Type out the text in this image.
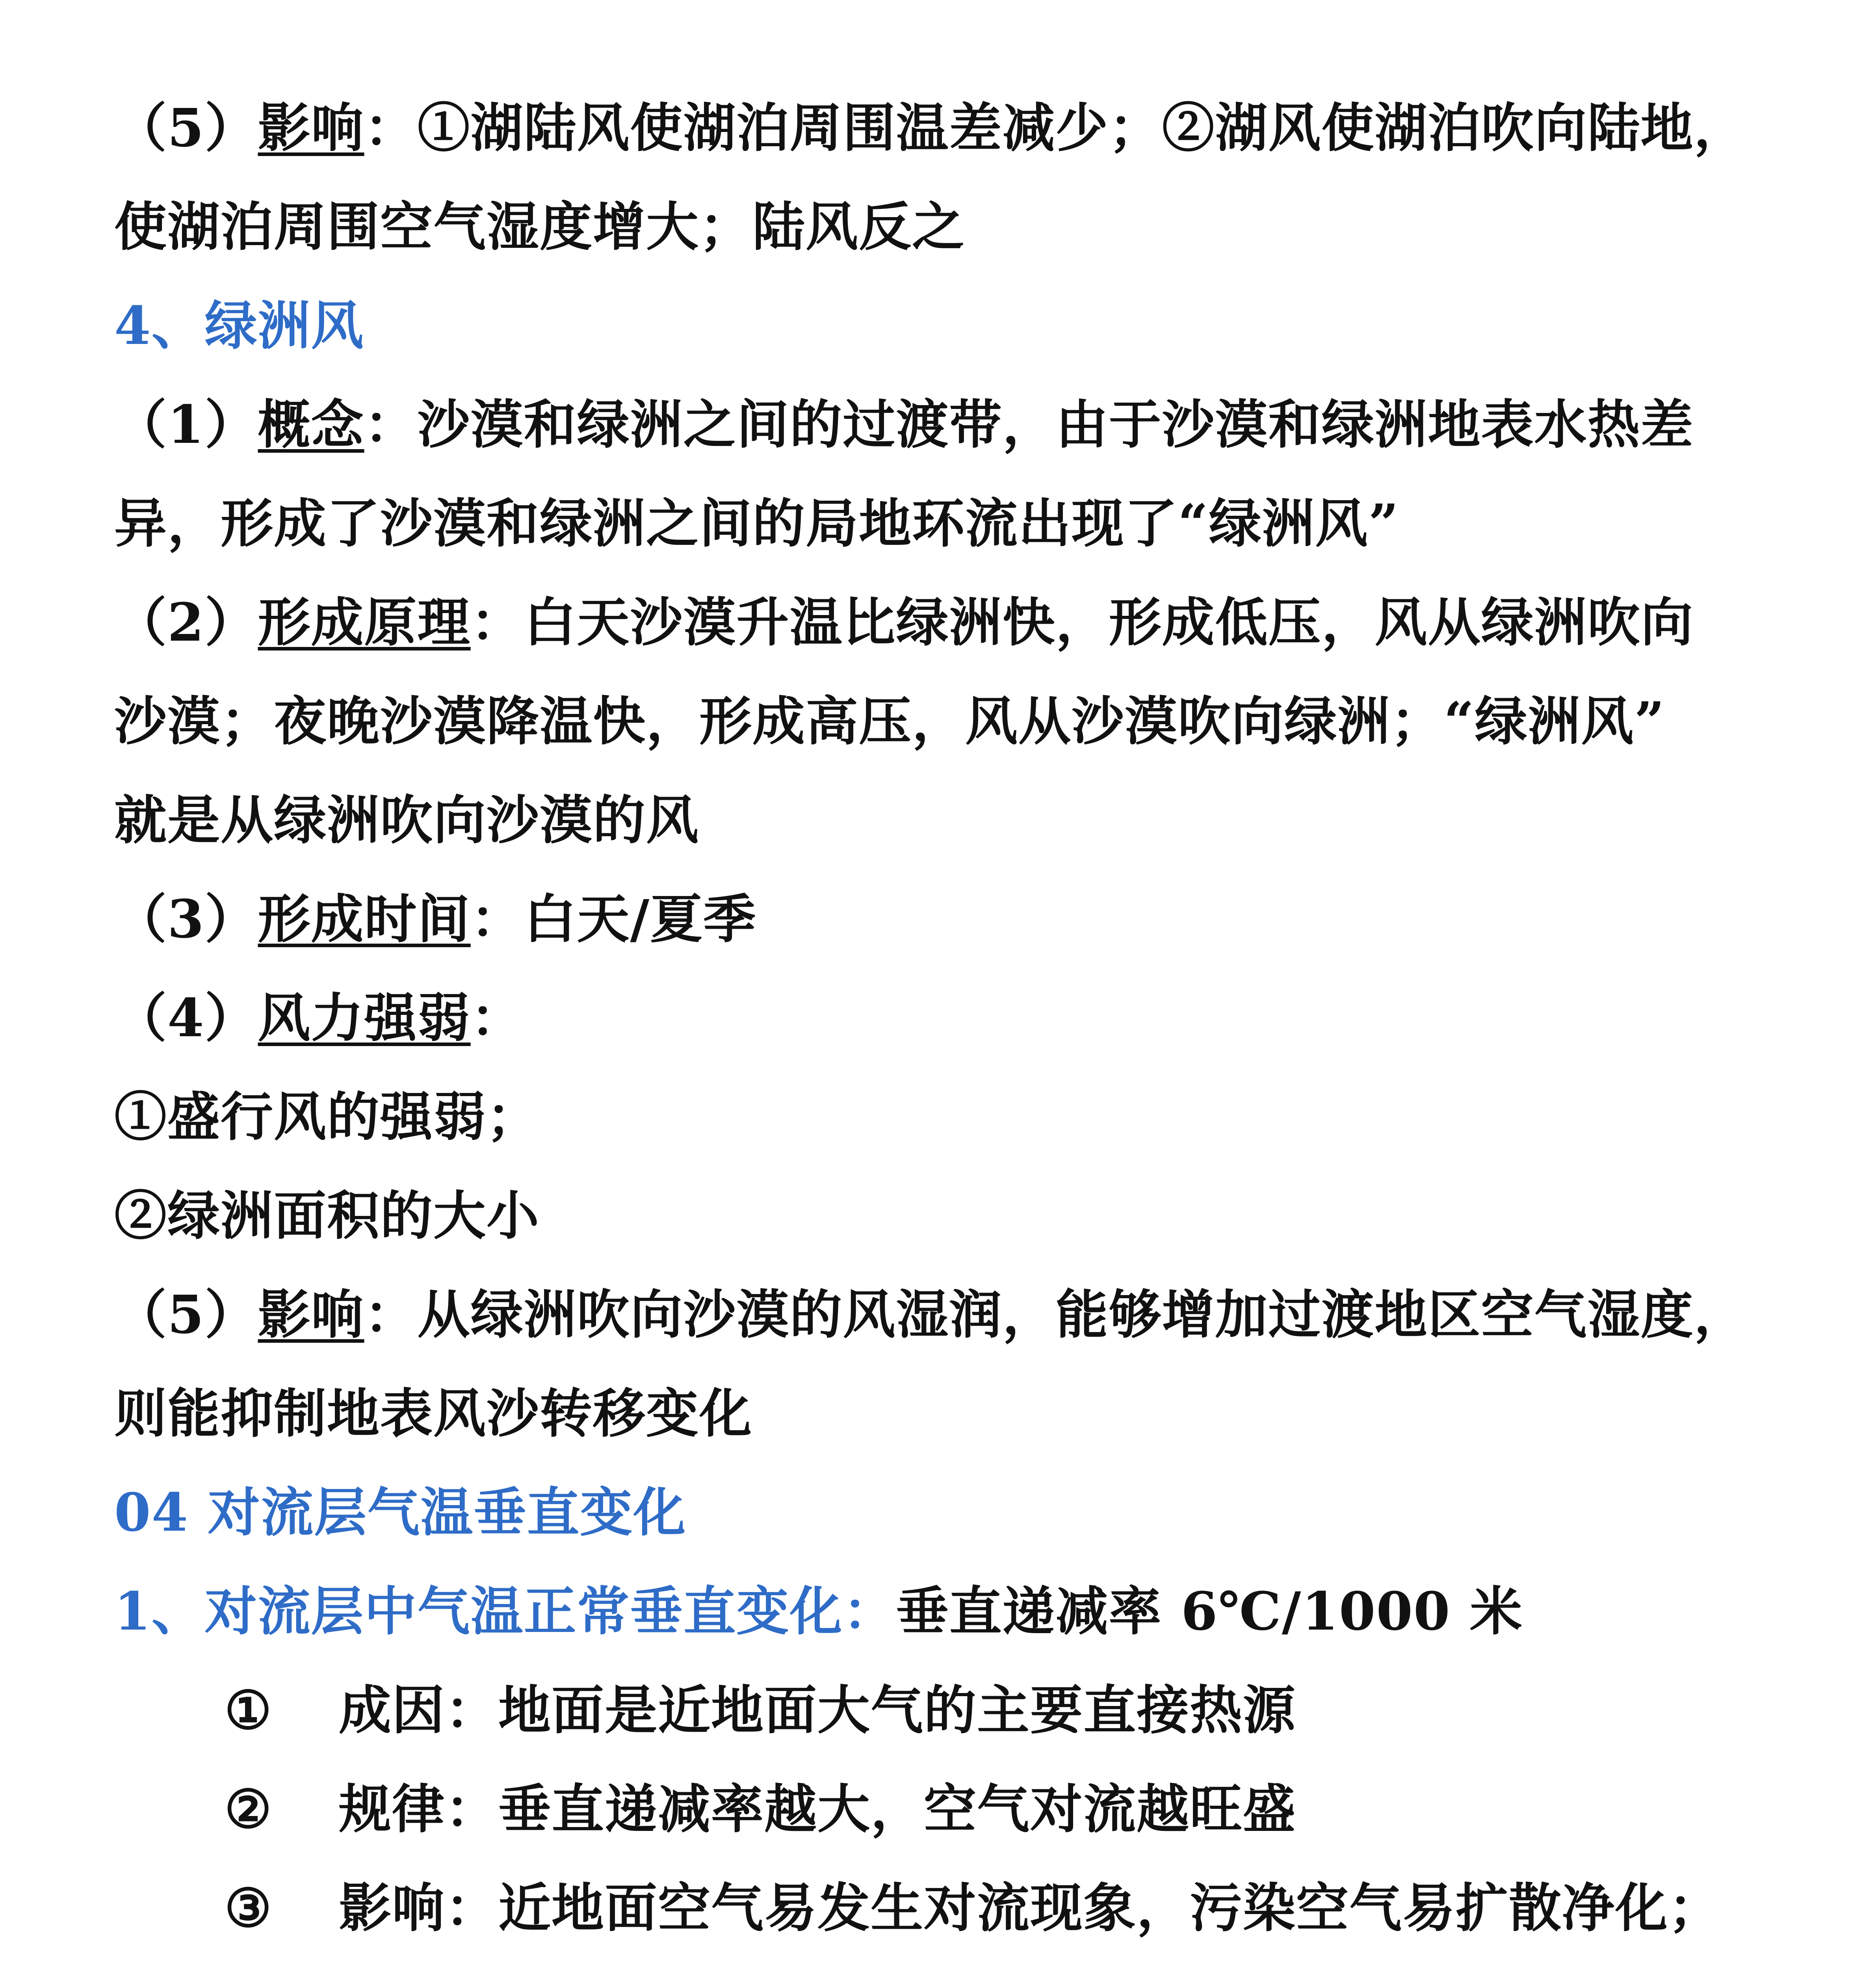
（5）影响：①湖陆风使湖泊周围温差减少；②湖风使湖泊吹向陆地，
使湖泊周围空气湿度增大；陆风反之
4、绿洲风
（1）概念：沙漠和绿洲之间的过渡带，由于沙漠和绿洲地表水热差
异，形成了沙漠和绿洲之间的局地环流出现了“绿洲风”
（2）形成原理：白天沙漠升温比绿洲快，形成低压，风从绿洲吹向
沙漠；夜晚沙漠降温快，形成高压，风从沙漠吹向绿洲；“绿洲风”
就是从绿洲吹向沙漠的风
（3）形成时间：白天/夏季
（4）风力强弱：
①盛行风的强弱；
②绿洲面积的大小
（5）影响：从绿洲吹向沙漠的风湿润，能够增加过渡地区空气湿度，
则能抑制地表风沙转移变化
04 对流层气温垂直变化
1、对流层中气温正常垂直变化：垂直递减率 6℃/1000 米
① 成因：地面是近地面大气的主要直接热源
② 规律：垂直递减率越大，空气对流越旺盛
③ 影响：近地面空气易发生对流现象，污染空气易扩散净化；
